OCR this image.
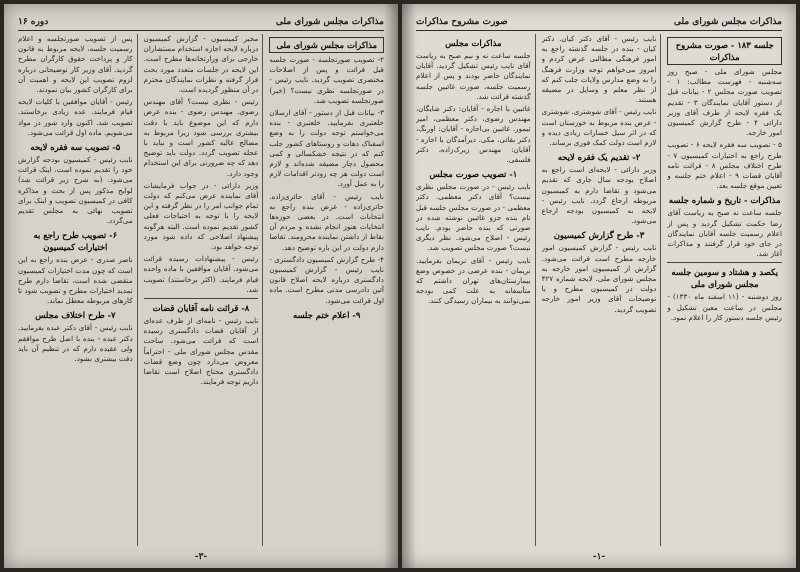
دوره ۱۶	مذاکرات مجلس شورای ملی
مذاکرات مجلس شورای ملی
۲- تصویب صورتجلسه - صورت جلسه قبل قرائت و پس از اصلاحات مختصری تصویب گردید. نایب رئیس - در صورتجلسه نظری نیست؟ (خیر) صورتجلسه تصویب شد.
۳- بیانات قبل از دستور - آقای ارسلان خلعتبری بفرمایید. خلعتبری - بنده می‌خواستم توجه دولت را به وضع اسفناک دهات و روستاهای کشور جلب کنم که در نتیجه خشکسالی و کمی محصول دچار مضیقه شده‌اند و لازم است دولت هر چه زودتر اقدامات لازم را به عمل آورد.
نایب رئیس - آقای حائری‌زاده. حائری‌زاده - عرض بنده راجع به انتخابات است. در بعضی حوزه‌ها انتخابات هنوز انجام نشده و مردم آن نقاط از داشتن نماینده محرومند. تقاضا دارم دولت در این باره توضیح دهد.
۴- طرح گزارش کمیسیون دادگستری - نایب رئیس - گزارش کمیسیون دادگستری درباره لایحه اصلاح قانون آئین دادرسی مدنی مطرح است. ماده اول قرائت می‌شود.
۹- اعلام ختم جلسه
مخبر کمیسیون - گزارش کمیسیون درباره لایحه اجازه استخدام مستشاران خارجی برای وزارتخانه‌ها مطرح است. این لایحه در جلسات متعدد مورد بحث قرار گرفته و نظرات نمایندگان محترم در آن منظور گردیده است.
رئیس - نظری نیست؟ آقای مهندس رضوی. مهندس رضوی - بنده عرض دارم که این موضوع باید با دقت بیشتری بررسی شود زیرا مربوط به مصالح عالیه کشور است و نباید با عجله تصویب گردد. دولت باید توضیح دهد که چه ضرورتی برای این استخدام وجود دارد.
وزیر دارائی - در جواب فرمایشات آقای نماینده عرض می‌کنم که دولت تمام جوانب امر را در نظر گرفته و این لایحه را با توجه به احتیاجات فعلی کشور تقدیم نموده است. البته هرگونه پیشنهاد اصلاحی که داده شود مورد توجه خواهد بود.
رئیس - پیشنهادات رسیده قرائت می‌شود. آقایان موافقین با ماده واحده قیام فرمایند. (اکثر برخاستند) تصویب شد.
۸- قرائت نامه آقایان قضات
نایب رئیس - نامه‌ای از طرف عده‌ای از آقایان قضات دادگستری رسیده است که قرائت می‌شود. ساحت مقدس مجلس شورای ملی - احتراماً معروض می‌دارد چون وضع قضات دادگستری محتاج اصلاح است تقاضا داریم توجه فرمایند.
پس از تصویب صورتجلسه و اعلام رسمیت جلسه، لایحه مربوط به قانون کار و پرداخت حقوق کارگران مطرح گردید. آقای وزیر کار توضیحاتی درباره لزوم تصویب این لایحه و اهمیت آن برای کارگران کشور بیان نمودند.
رئیس - آقایان موافقین با کلیات لایحه قیام فرمایند. عده زیادی برخاستند. تصویب شد. اکنون وارد شور در مواد می‌شویم. ماده اول قرائت می‌شود.
۵- تصویب سه فقره لایحه
نایب رئیس - کمیسیون بودجه گزارش خود را تقدیم نموده است، اینک قرائت می‌شود. (به شرح زیر قرائت شد) لوایح مذکور پس از بحث و مذاکره کافی در کمیسیون تصویب و اینک برای تصویب نهائی به مجلس تقدیم می‌گردد.
۶- تصویب طرح راجع به اختیارات کمیسیون
ناصر صدری - عرض بنده راجع به این است که چون مدت اختیارات کمیسیون منقضی شده است، تقاضا دارم طرح تمدید اختیارات مطرح و تصویب شود تا کارهای مربوطه معطل نماند.
۷- طرح اختلاف مجلس
نایب رئیس - آقای دکتر عبده بفرمایید. دکتر عبده - بنده با اصل طرح موافقم ولی عقیده دارم که در تنظیم آن باید دقت بیشتری بشود.
-٣-
صورت مشروح مذاکرات	مذاکرات مجلس شورای ملی
جلسه ۱۸۳ - صورت مشروح مذاکرات
مجلس شورای ملی - صبح روز سه‌شنبه - فهرست مطالب: ۱ - تصویب صورت مجلس ۲ - بیانات قبل از دستور آقایان نمایندگان ۳ - تقدیم یک فقره لایحه از طرف آقای وزیر دارائی ۴ - طرح گزارش کمیسیون امور خارجه.
۵ - تصویب سه فقره لایحه ۶ - تصویب طرح راجع به اختیارات کمیسیون ۷ - طرح اختلاف مجلس ۸ - قرائت نامه آقایان قضات ۹ - اعلام ختم جلسه و تعیین موقع جلسه بعد.
مذاکرات - تاریخ و شماره جلسه
جلسه ساعت نه صبح به ریاست آقای رضا حکمت تشکیل گردید و پس از اعلام رسمیت جلسه آقایان نمایندگان در جای خود قرار گرفتند و مذاکرات آغاز شد.
یکصد و هشتاد و سومین جلسه مجلس شورای ملی
روز دوشنبه - (۱۱ اسفند ماه ۱۳۳۰) - مجلس در ساعت معین تشکیل و رئیس جلسه دستور کار را اعلام نمود.
نایب رئیس - آقای دکتر کیان. دکتر کیان - بنده در جلسه گذشته راجع به امور فرهنگی مطالبی عرض کردم و امروز می‌خواهم توجه وزارت فرهنگ را به وضع مدارس ولایات جلب کنم که از نظر معلم و وسایل در مضیقه هستند.
نایب رئیس - آقای شوشتری. شوشتری - عرض بنده مربوط به خوزستان است که در اثر سیل خسارات زیادی دیده و لازم است دولت کمک فوری برساند.
۲- تقدیم یک فقره لایحه
وزیر دارائی - لایحه‌ای است راجع به اصلاح بودجه سال جاری که تقدیم می‌شود و تقاضا دارم به کمیسیون مربوطه ارجاع گردد. نایب رئیس - لایحه به کمیسیون بودجه ارجاع می‌شود.
۳- طرح گزارش کمیسیون
نایب رئیس - گزارش کمیسیون امور خارجه مطرح است قرائت می‌شود. گزارش از کمیسیون امور خارجه به مجلس شورای ملی. لایحه شماره ۴۲۷ دولت در کمیسیون مطرح و با توضیحات آقای وزیر امور خارجه تصویب گردید.
مذاکرات مجلس
جلسه ساعت نه و نیم صبح به ریاست آقای نایب رئیس تشکیل گردید. آقایان نمایندگان حاضر بودند و پس از اعلام رسمیت جلسه، صورت غائبین جلسه گذشته قرائت شد.
غائبین با اجازه - آقایان: دکتر شایگان، مهندس رضوی، دکتر معظمی، امیر تیمور. غائبین بی‌اجازه - آقایان: اورنگ، دکتر بقائی، مکی. دیرآمدگان با اجازه - آقایان: مهندس زیرک‌زاده، دکتر فلسفی.
۱- تصویب صورت مجلس
نایب رئیس - در صورت مجلس نظری نیست؟ آقای دکتر معظمی. دکتر معظمی - در صورت مجلس جلسه قبل نام بنده جزو غائبین نوشته شده در صورتی که بنده حاضر بودم. نایب رئیس - اصلاح می‌شود. نظر دیگری نیست؟ صورت مجلس تصویب شد.
نایب رئیس - آقای نریمان بفرمایید. نریمان - بنده عرضی در خصوص وضع بیمارستان‌های تهران داشتم که متأسفانه به علت کمی بودجه نمی‌توانند به بیماران رسیدگی کنند.
-١-
